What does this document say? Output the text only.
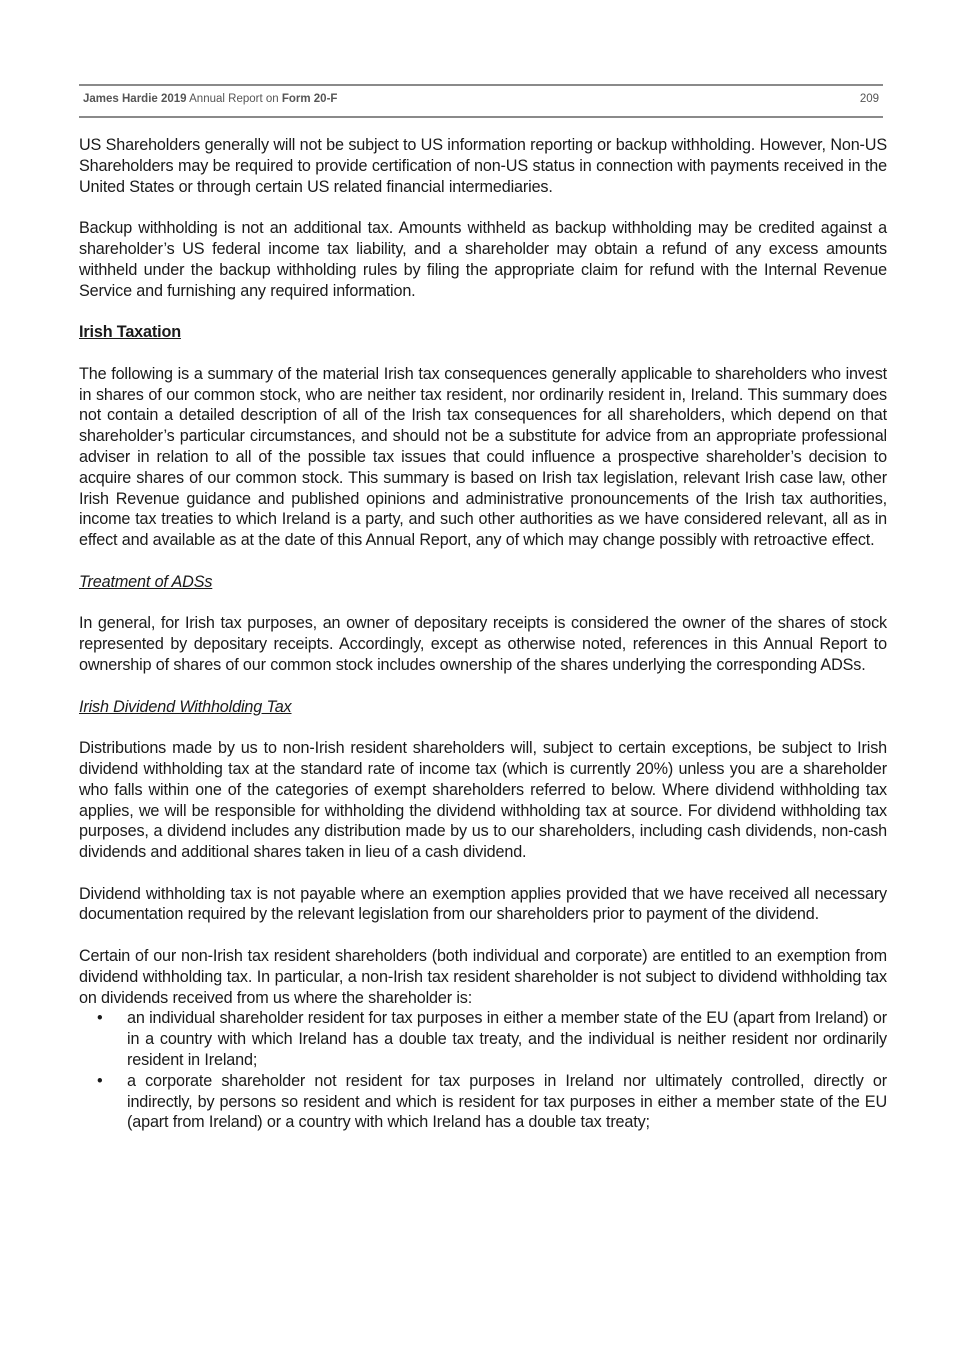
James Hardie 2019 Annual Report on Form 20-F	209

US Shareholders generally will not be subject to US information reporting or backup withholding. However, Non-US Shareholders may be required to provide certification of non-US status in connection with payments received in the United States or through certain US related financial intermediaries.

Backup withholding is not an additional tax. Amounts withheld as backup withholding may be credited against a shareholder’s US federal income tax liability, and a shareholder may obtain a refund of any excess amounts withheld under the backup withholding rules by filing the appropriate claim for refund with the Internal Revenue Service and furnishing any required information.

Irish Taxation

The following is a summary of the material Irish tax consequences generally applicable to shareholders who invest in shares of our common stock, who are neither tax resident, nor ordinarily resident in, Ireland. This summary does not contain a detailed description of all of the Irish tax consequences for all shareholders, which depend on that shareholder’s particular circumstances, and should not be a substitute for advice from an appropriate professional adviser in relation to all of the possible tax issues that could influence a prospective shareholder’s decision to acquire shares of our common stock. This summary is based on Irish tax legislation, relevant Irish case law, other Irish Revenue guidance and published opinions and administrative pronouncements of the Irish tax authorities, income tax treaties to which Ireland is a party, and such other authorities as we have considered relevant, all as in effect and available as at the date of this Annual Report, any of which may change possibly with retroactive effect.

Treatment of ADSs

In general, for Irish tax purposes, an owner of depositary receipts is considered the owner of the shares of stock represented by depositary receipts. Accordingly, except as otherwise noted, references in this Annual Report to ownership of shares of our common stock includes ownership of the shares underlying the corresponding ADSs.

Irish Dividend Withholding Tax

Distributions made by us to non-Irish resident shareholders will, subject to certain exceptions, be subject to Irish dividend withholding tax at the standard rate of income tax (which is currently 20%) unless you are a shareholder who falls within one of the categories of exempt shareholders referred to below. Where dividend withholding tax applies, we will be responsible for withholding the dividend withholding tax at source. For dividend withholding tax purposes, a dividend includes any distribution made by us to our shareholders, including cash dividends, non-cash dividends and additional shares taken in lieu of a cash dividend.

Dividend withholding tax is not payable where an exemption applies provided that we have received all necessary documentation required by the relevant legislation from our shareholders prior to payment of the dividend.

Certain of our non-Irish tax resident shareholders (both individual and corporate) are entitled to an exemption from dividend withholding tax. In particular, a non-Irish tax resident shareholder is not subject to dividend withholding tax on dividends received from us where the shareholder is:

• an individual shareholder resident for tax purposes in either a member state of the EU (apart from Ireland) or in a country with which Ireland has a double tax treaty, and the individual is neither resident nor ordinarily resident in Ireland;
• a corporate shareholder not resident for tax purposes in Ireland nor ultimately controlled, directly or indirectly, by persons so resident and which is resident for tax purposes in either a member state of the EU (apart from Ireland) or a country with which Ireland has a double tax treaty;
